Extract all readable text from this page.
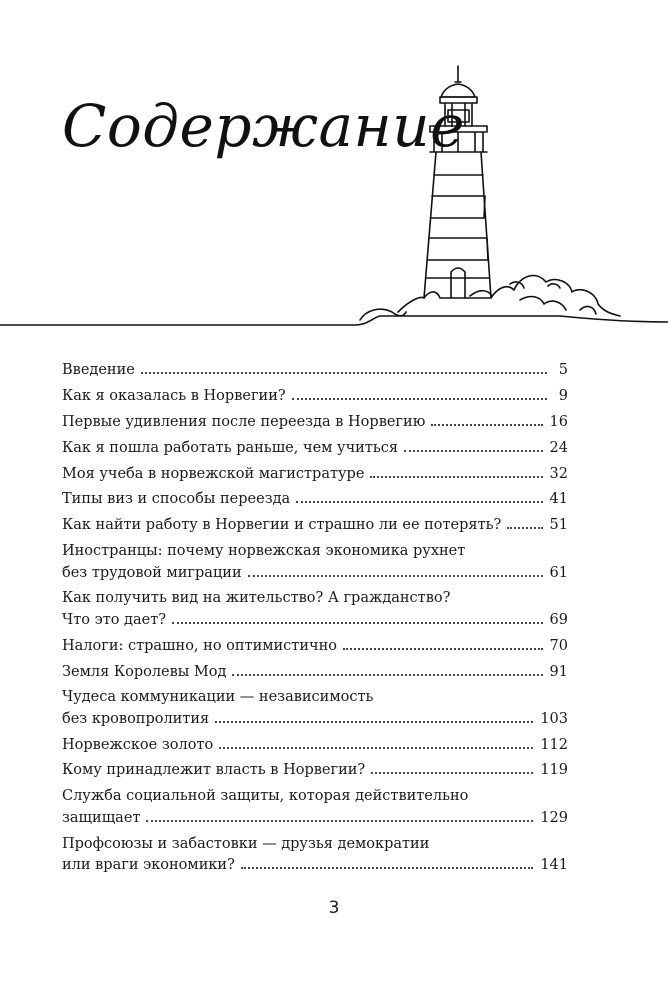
Содержание
Введение	5
Как я оказалась в Норвегии?	9
Первые удивления после переезда в Норвегию	16
Как я пошла работать раньше, чем учиться	24
Моя учеба в норвежской магистратуре	32
Типы виз и способы переезда	41
Как найти работу в Норвегии и страшно ли ее потерять?	51
Иностранцы: почему норвежская экономика рухнет
без трудовой миграции	61
Как получить вид на жительство? А гражданство?
Что это дает?	69
Налоги: страшно, но оптимистично	70
Земля Королевы Мод	91
Чудеса коммуникации — независимость
без кровопролития	103
Норвежское золото	112
Кому принадлежит власть в Норвегии?	119
Служба социальной защиты, которая действительно
защищает	129
Профсоюзы и забастовки — друзья демократии
или враги экономики?	141
3
